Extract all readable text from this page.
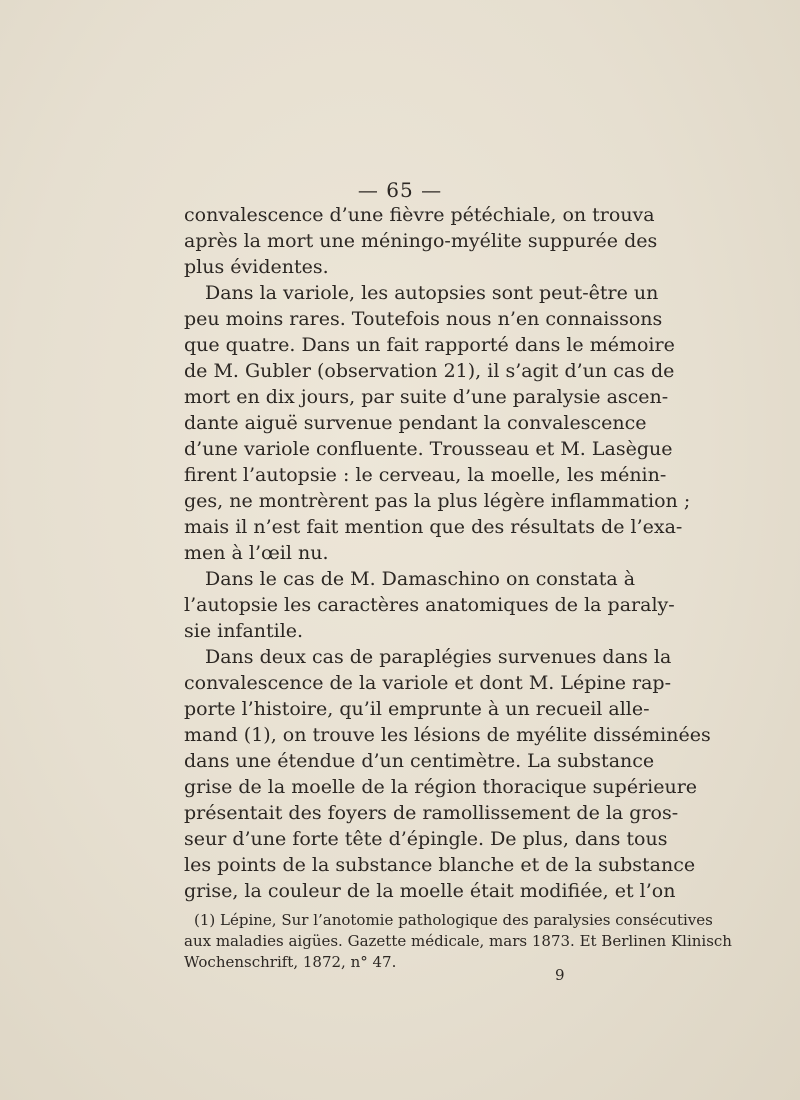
— 65 —
convalescence d’une fièvre pétéchiale, on trouva
après la mort une méningo-myélite suppurée des
plus évidentes.
Dans la variole, les autopsies sont peut-être un
peu moins rares. Toutefois nous n’en connaissons
que quatre. Dans un fait rapporté dans le mémoire
de M. Gubler (observation 21), il s’agit d’un cas de
mort en dix jours, par suite d’une paralysie ascen-
dante aiguë survenue pendant la convalescence
d’une variole confluente. Trousseau et M. Lasègue
firent l’autopsie : le cerveau, la moelle, les ménin-
ges, ne montrèrent pas la plus légère inflammation ;
mais il n’est fait mention que des résultats de l’exa-
men à l’œil nu.
Dans le cas de M. Damaschino on constata à
l’autopsie les caractères anatomiques de la paraly-
sie infantile.
Dans deux cas de paraplégies survenues dans la
convalescence de la variole et dont M. Lépine rap-
porte l’histoire, qu’il emprunte à un recueil alle-
mand (1), on trouve les lésions de myélite disséminées
dans une étendue d’un centimètre. La substance
grise de la moelle de la région thoracique supérieure
présentait des foyers de ramollissement de la gros-
seur d’une forte tête d’épingle. De plus, dans tous
les points de la substance blanche et de la substance
grise, la couleur de la moelle était modifiée, et l’on
(1) Lépine, Sur l’anotomie pathologique des paralysies consécutives
aux maladies aigües. Gazette médicale, mars 1873. Et Berlinen Klinisch
Wochenschrift, 1872, n° 47.
9
